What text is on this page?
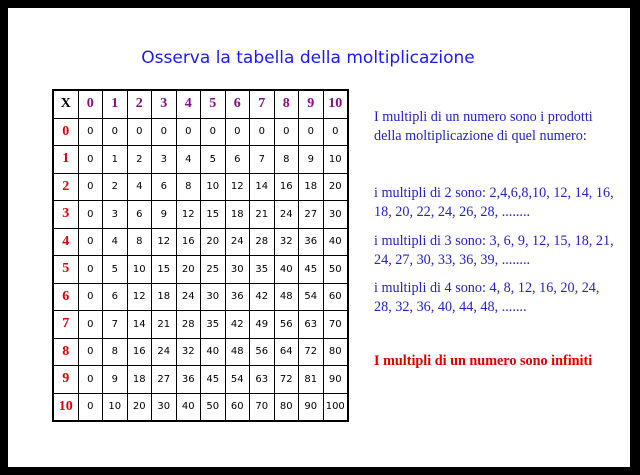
Osserva la tabella della moltiplicazione
X	0	1	2	3	4	5	6	7	8	9	10
0	0	0	0	0	0	0	0	0	0	0	0
1	0	1	2	3	4	5	6	7	8	9	10
2	0	2	4	6	8	10	12	14	16	18	20
3	0	3	6	9	12	15	18	21	24	27	30
4	0	4	8	12	16	20	24	28	32	36	40
5	0	5	10	15	20	25	30	35	40	45	50
6	0	6	12	18	24	30	36	42	48	54	60
7	0	7	14	21	28	35	42	49	56	63	70
8	0	8	16	24	32	40	48	56	64	72	80
9	0	9	18	27	36	45	54	63	72	81	90
10	0	10	20	30	40	50	60	70	80	90	100
I multipli di un numero sono i prodotti della moltiplicazione di quel numero:
i multipli di 2 sono: 2,4,6,8,10, 12, 14, 16, 18, 20, 22, 24, 26, 28, ........
i multipli di 3 sono: 3, 6, 9, 12, 15, 18, 21, 24, 27, 30, 33, 36, 39, ........
i multipli di 4 sono: 4, 8, 12, 16, 20, 24, 28, 32, 36, 40, 44, 48, .......
I multipli di un numero sono infiniti
